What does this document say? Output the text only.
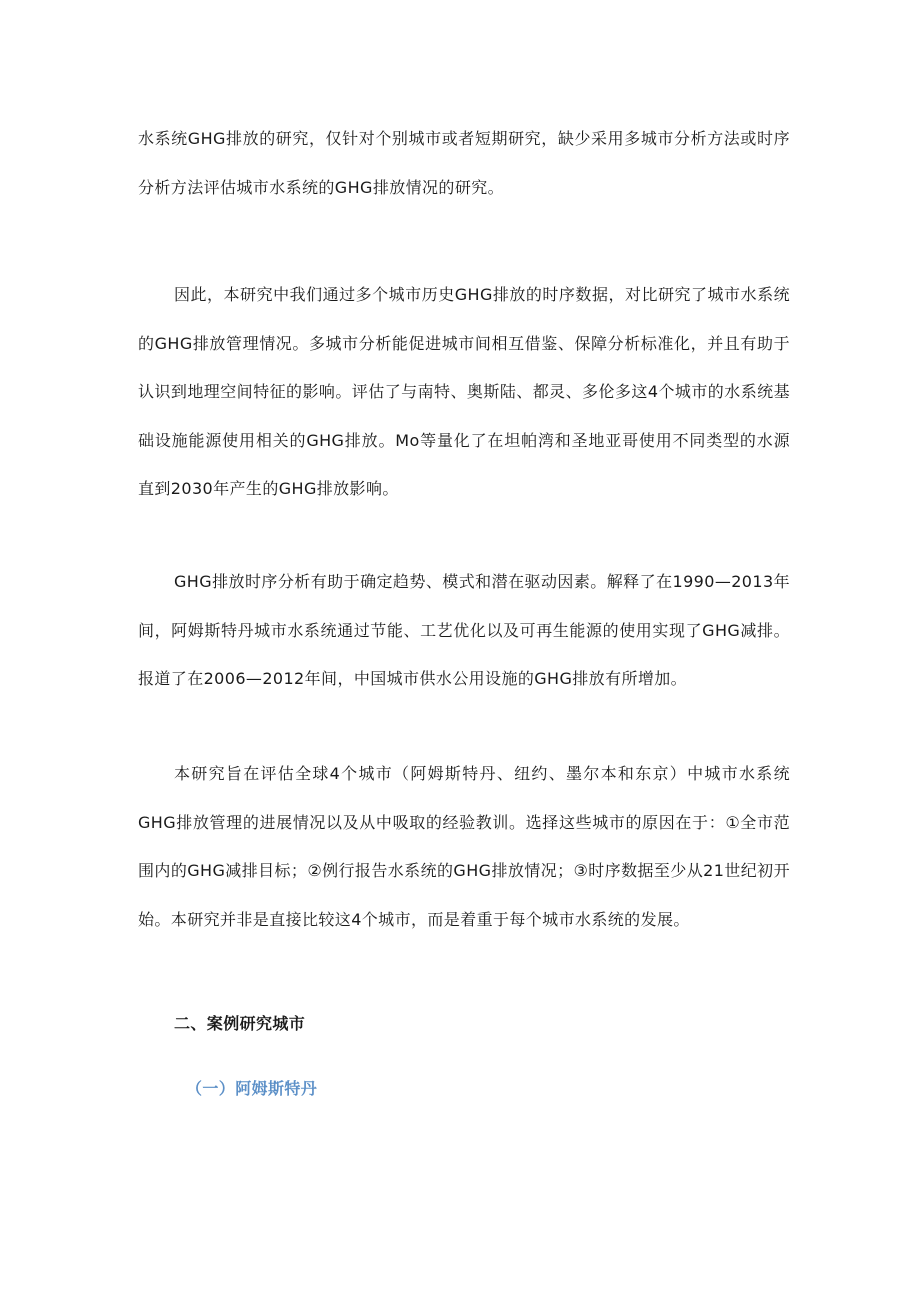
水系统GHG排放的研究，仅针对个别城市或者短期研究，缺少采用多城市分析方法或时序分析方法评估城市水系统的GHG排放情况的研究。

因此，本研究中我们通过多个城市历史GHG排放的时序数据，对比研究了城市水系统的GHG排放管理情况。多城市分析能促进城市间相互借鉴、保障分析标准化，并且有助于认识到地理空间特征的影响。评估了与南特、奥斯陆、都灵、多伦多这4个城市的水系统基础设施能源使用相关的GHG排放。Mo等量化了在坦帕湾和圣地亚哥使用不同类型的水源直到2030年产生的GHG排放影响。

GHG排放时序分析有助于确定趋势、模式和潜在驱动因素。解释了在1990—2013年间，阿姆斯特丹城市水系统通过节能、工艺优化以及可再生能源的使用实现了GHG减排。报道了在2006—2012年间，中国城市供水公用设施的GHG排放有所增加。

本研究旨在评估全球4个城市（阿姆斯特丹、纽约、墨尔本和东京）中城市水系统GHG排放管理的进展情况以及从中吸取的经验教训。选择这些城市的原因在于：①全市范围内的GHG减排目标；②例行报告水系统的GHG排放情况；③时序数据至少从21世纪初开始。本研究并非是直接比较这4个城市，而是着重于每个城市水系统的发展。

二、案例研究城市
（一）阿姆斯特丹
